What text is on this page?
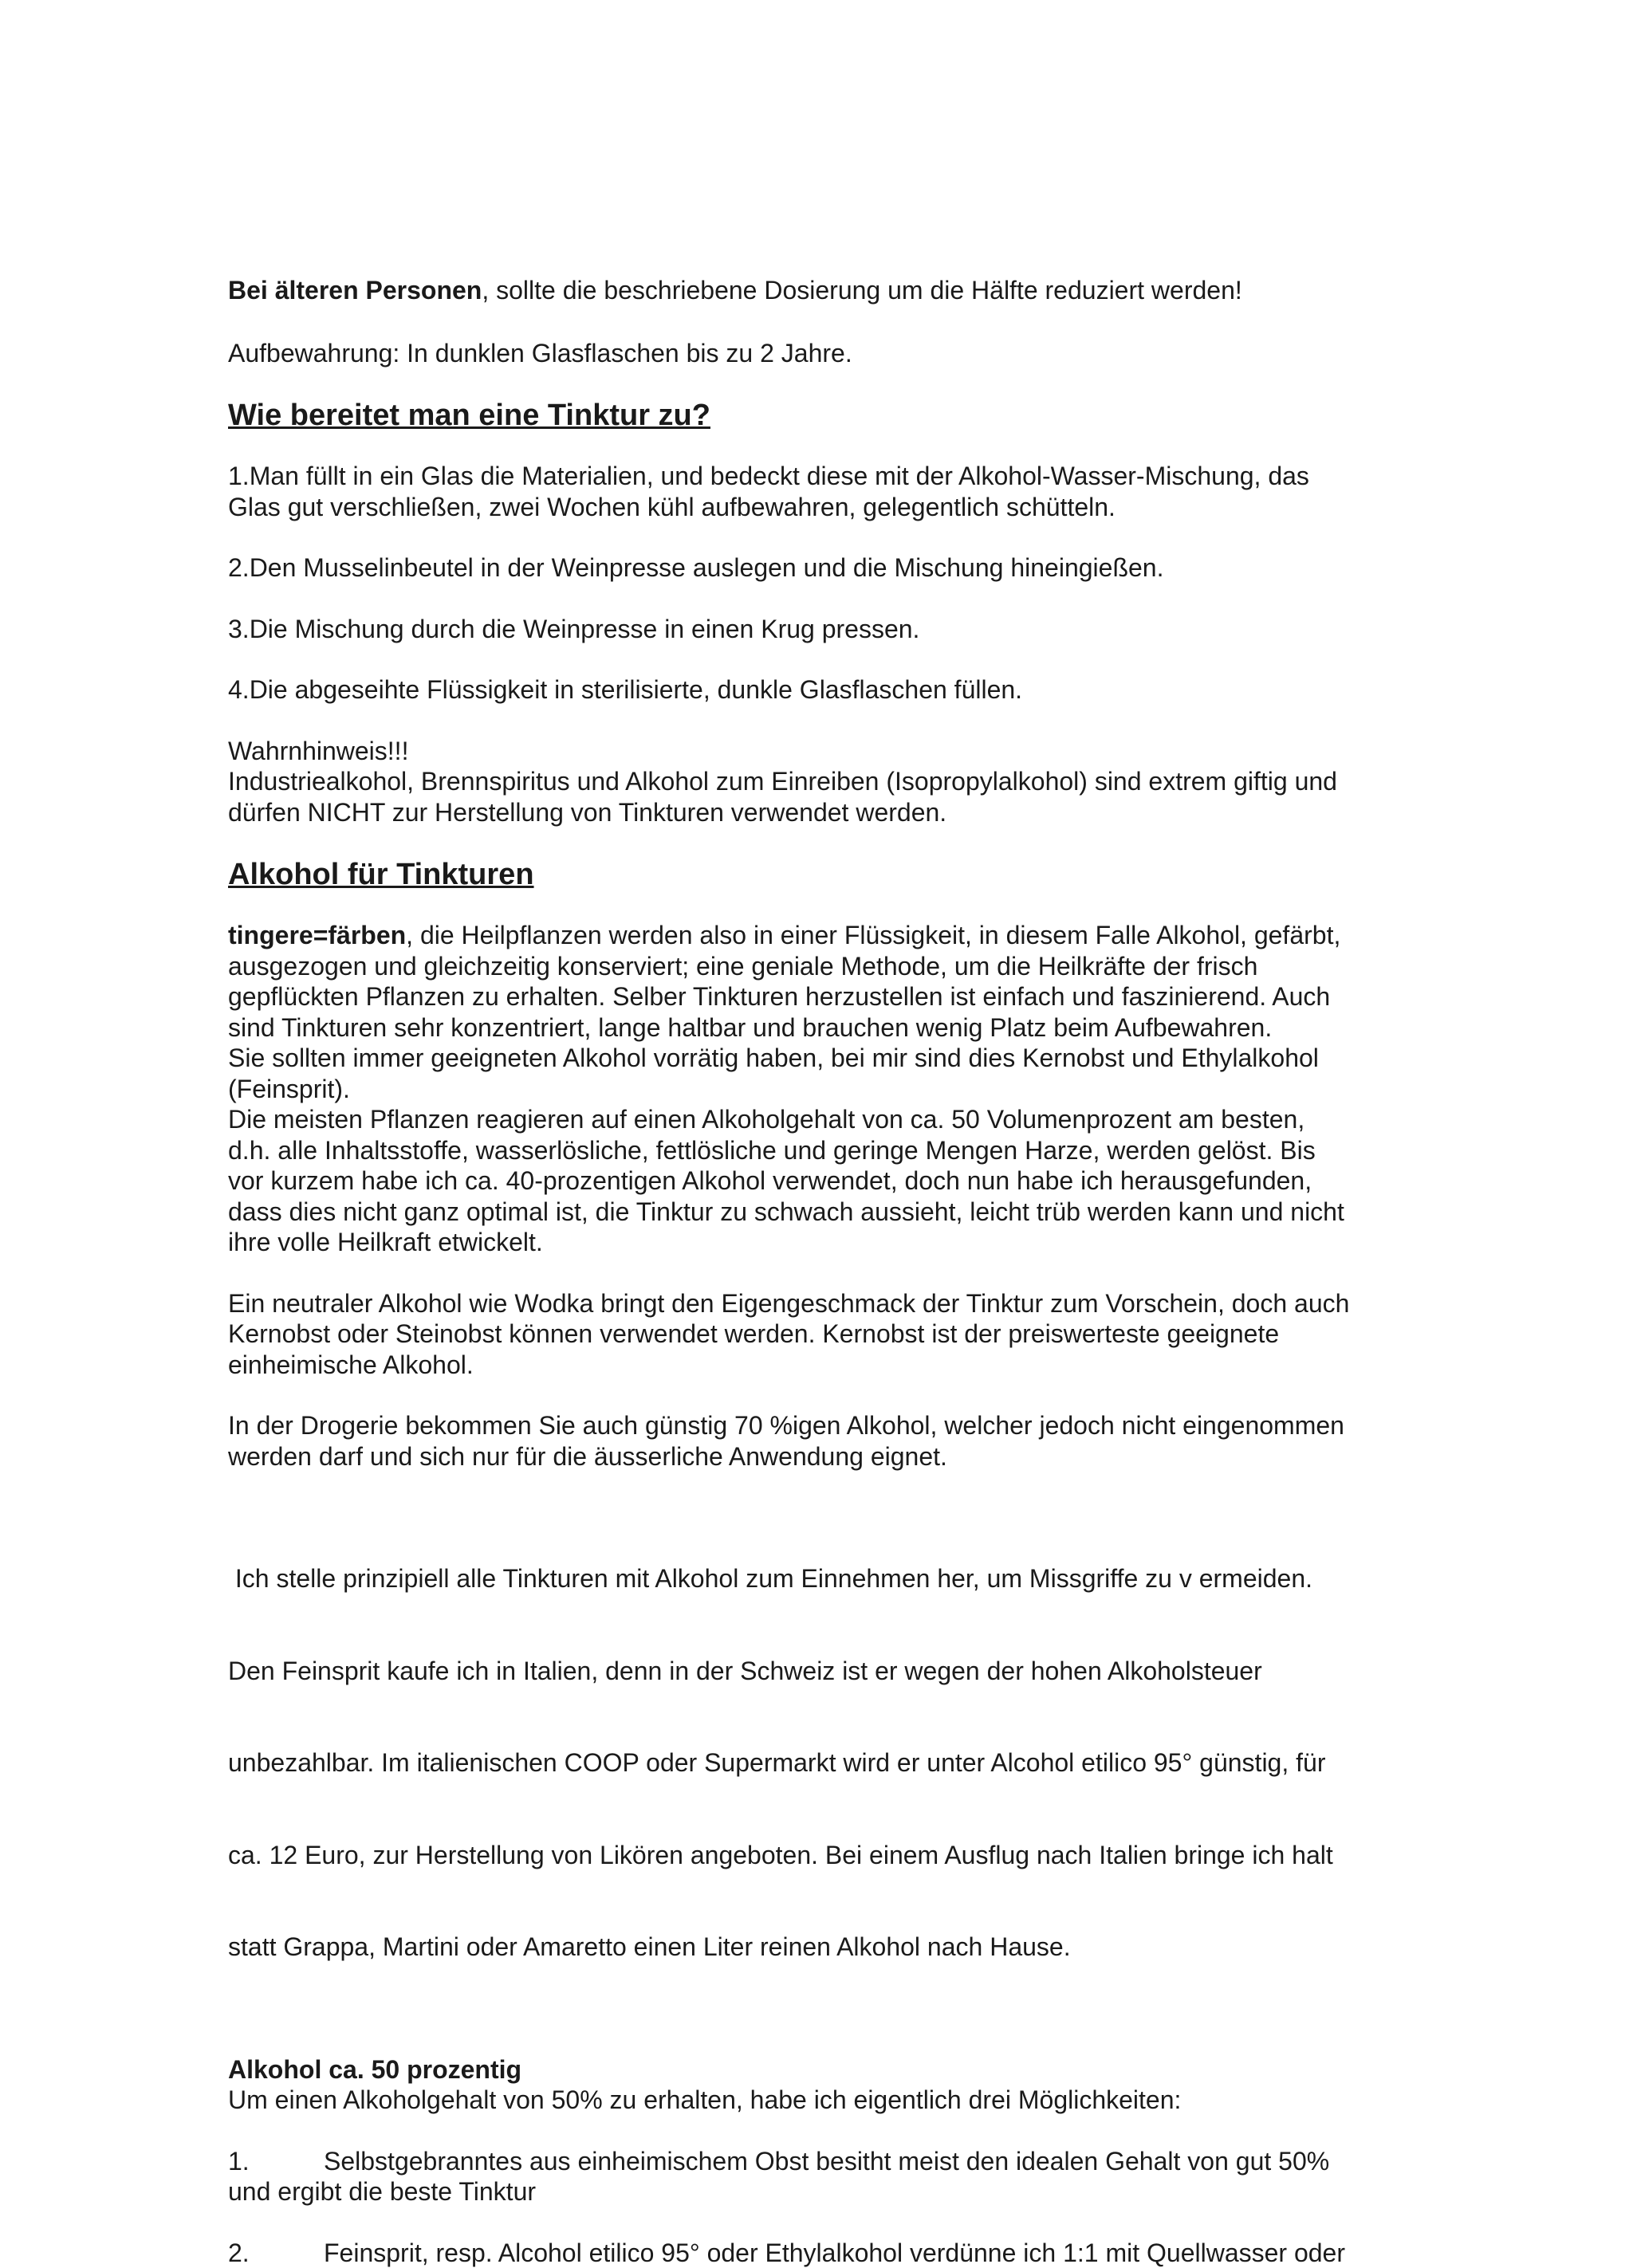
Bei älteren Personen, sollte die beschriebene Dosierung um die Hälfte reduziert werden!

Aufbewahrung: In dunklen Glasflaschen bis zu 2 Jahre.

Wie bereitet man eine Tinktur zu?

1.Man füllt in ein Glas die Materialien, und bedeckt diese mit der Alkohol-Wasser-Mischung, das

Glas gut verschließen, zwei Wochen kühl aufbewahren, gelegentlich schütteln.

2.Den Musselinbeutel in der Weinpresse auslegen und die Mischung hineingießen.

3.Die Mischung durch die Weinpresse in einen Krug pressen.

4.Die abgeseihte Flüssigkeit in sterilisierte, dunkle Glasflaschen füllen.

Wahrnhinweis!!!

Industriealkohol, Brennspiritus und Alkohol zum Einreiben (Isopropylalkohol) sind extrem giftig und

dürfen NICHT zur Herstellung von Tinkturen verwendet werden.

Alkohol für Tinkturen

tingere=färben, die Heilpflanzen werden also in einer Flüssigkeit, in diesem Falle Alkohol, gefärbt,

ausgezogen und gleichzeitig konserviert; eine geniale Methode, um die Heilkräfte der frisch

gepflückten Pflanzen zu erhalten. Selber Tinkturen herzustellen ist einfach und faszinierend. Auch

sind Tinkturen sehr konzentriert, lange haltbar und brauchen wenig Platz beim Aufbewahren.

Sie sollten immer geeigneten Alkohol vorrätig haben, bei mir sind dies Kernobst und Ethylalkohol

(Feinsprit).

Die meisten Pflanzen reagieren auf einen Alkoholgehalt von ca. 50 Volumenprozent am besten,

d.h. alle Inhaltsstoffe, wasserlösliche, fettlösliche und geringe Mengen Harze, werden gelöst. Bis

vor kurzem habe ich ca. 40-prozentigen Alkohol verwendet, doch nun habe ich herausgefunden,

dass dies nicht ganz optimal ist, die Tinktur zu schwach aussieht, leicht trüb werden kann und nicht

ihre volle Heilkraft etwickelt.

Ein neutraler Alkohol wie Wodka bringt den Eigengeschmack der Tinktur zum Vorschein, doch auch

Kernobst oder Steinobst können verwendet werden. Kernobst ist der preiswerteste geeignete

einheimische Alkohol.

In der Drogerie bekommen Sie auch günstig 70 %igen Alkohol, welcher jedoch nicht eingenommen

werden darf und sich nur für die äusserliche Anwendung eignet.

Ich stelle prinzipiell alle Tinkturen mit Alkohol zum Einnehmen her, um Missgriffe zu v ermeiden.

Den Feinsprit kaufe ich in Italien, denn in der Schweiz ist er wegen der hohen Alkoholsteuer

unbezahlbar. Im italienischen COOP oder Supermarkt wird er unter Alcohol etilico 95° günstig, für

ca. 12 Euro, zur Herstellung von Likören angeboten. Bei einem Ausflug nach Italien bringe ich halt

statt Grappa, Martini oder Amaretto einen Liter reinen Alkohol nach Hause.

Alkohol ca. 50 prozentig

Um einen Alkoholgehalt von 50% zu erhalten, habe ich eigentlich drei Möglichkeiten:

1.	Selbstgebranntes aus einheimischem Obst besitht meist den idealen Gehalt von gut 50%

und ergibt die beste Tinktur

2.	Feinsprit, resp. Alcohol etilico 95° oder Ethylalkohol verdünne ich 1:1 mit Quellwasser oder
